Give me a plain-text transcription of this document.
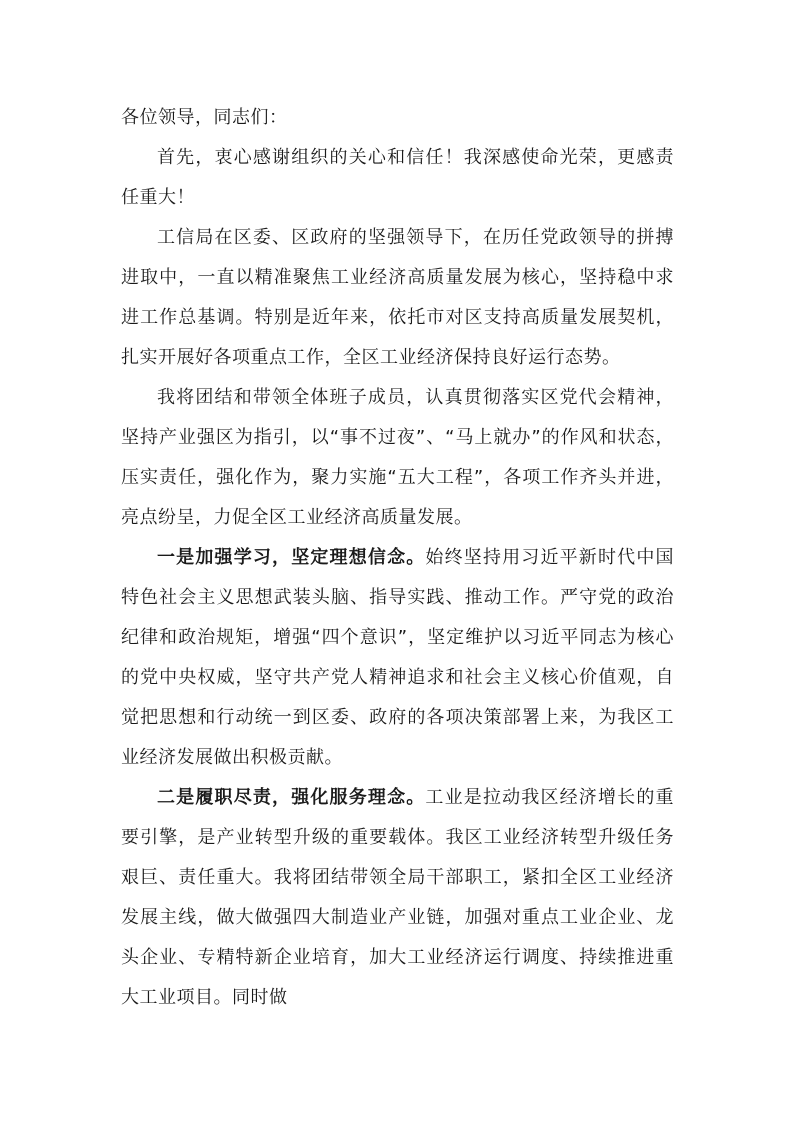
各位领导，同志们：

首先，衷心感谢组织的关心和信任！我深感使命光荣，更感责任重大！

工信局在区委、区政府的坚强领导下，在历任党政领导的拼搏进取中，一直以精准聚焦工业经济高质量发展为核心，坚持稳中求进工作总基调。特别是近年来，依托市对区支持高质量发展契机，扎实开展好各项重点工作，全区工业经济保持良好运行态势。

我将团结和带领全体班子成员，认真贯彻落实区党代会精神，坚持产业强区为指引，以“事不过夜”、“马上就办”的作风和状态，压实责任，强化作为，聚力实施“五大工程”，各项工作齐头并进，亮点纷呈，力促全区工业经济高质量发展。

一是加强学习，坚定理想信念。始终坚持用习近平新时代中国特色社会主义思想武装头脑、指导实践、推动工作。严守党的政治纪律和政治规矩，增强“四个意识”，坚定维护以习近平同志为核心的党中央权威，坚守共产党人精神追求和社会主义核心价值观，自觉把思想和行动统一到区委、政府的各项决策部署上来，为我区工业经济发展做出积极贡献。

二是履职尽责，强化服务理念。工业是拉动我区经济增长的重要引擎，是产业转型升级的重要载体。我区工业经济转型升级任务艰巨、责任重大。我将团结带领全局干部职工，紧扣全区工业经济发展主线，做大做强四大制造业产业链，加强对重点工业企业、龙头企业、专精特新企业培育，加大工业经济运行调度、持续推进重大工业项目。同时做
